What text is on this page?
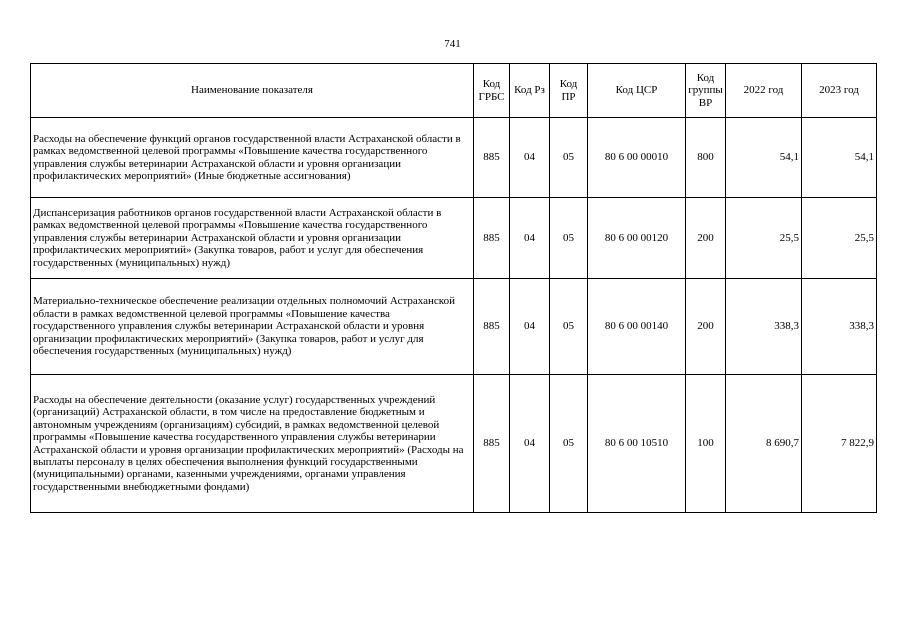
741
Наименование показателя	Код ГРБС	Код Рз	Код ПР	Код ЦСР	Код группы ВР	2022 год	2023 год
Расходы на обеспечение функций органов государственной власти Астраханской области в рамках ведомственной целевой программы «Повышение качества государственного управления службы ветеринарии Астраханской области и уровня организации профилактических мероприятий» (Иные бюджетные ассигнования)	885	04	05	80 6 00 00010	800	54,1	54,1
Диспансеризация работников органов государственной власти Астраханской области в рамках ведомственной целевой программы «Повышение качества государственного управления службы ветеринарии Астраханской области и уровня организации профилактических мероприятий» (Закупка товаров, работ и услуг для обеспечения государственных (муниципальных) нужд)	885	04	05	80 6 00 00120	200	25,5	25,5
Материально-техническое обеспечение реализации отдельных полномочий Астраханской области в рамках ведомственной целевой программы «Повышение качества государственного управления службы ветеринарии Астраханской области и уровня организации профилактических мероприятий» (Закупка товаров, работ и услуг для обеспечения государственных (муниципальных) нужд)	885	04	05	80 6 00 00140	200	338,3	338,3
Расходы на обеспечение деятельности (оказание услуг) государственных учреждений (организаций) Астраханской области, в том числе на предоставление бюджетным и автономным учреждениям (организациям) субсидий, в рамках ведомственной целевой программы «Повышение качества государственного управления службы ветеринарии Астраханской области и уровня организации профилактических мероприятий» (Расходы на выплаты персоналу в целях обеспечения выполнения функций государственными (муниципальными) органами, казенными учреждениями, органами управления государственными внебюджетными фондами)	885	04	05	80 6 00 10510	100	8 690,7	7 822,9
